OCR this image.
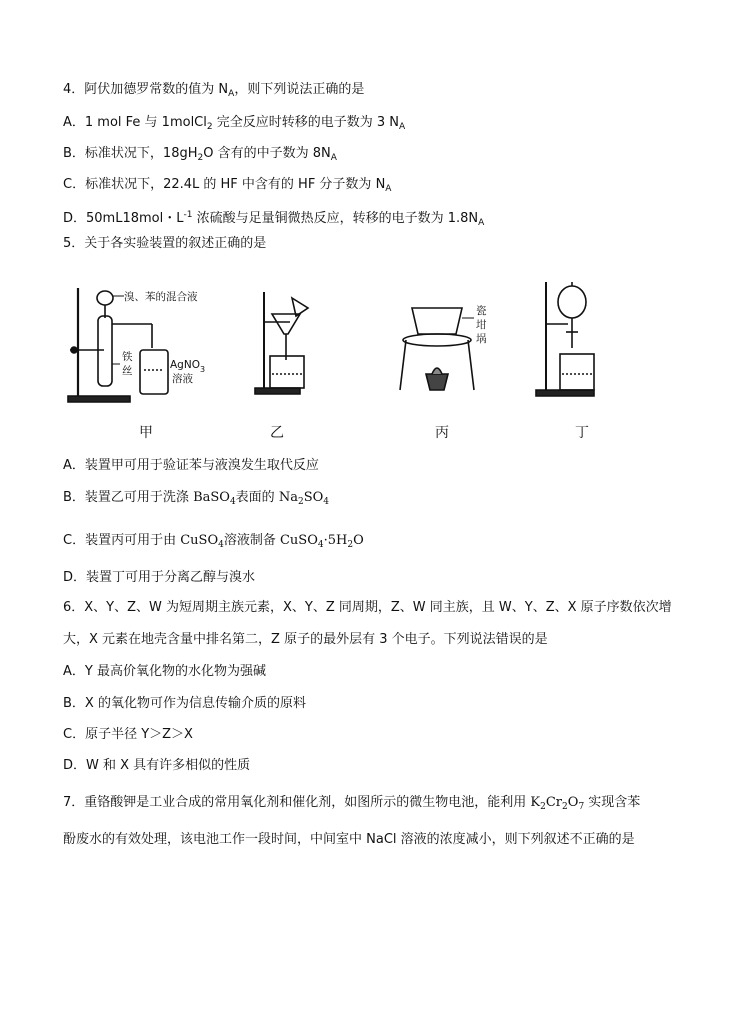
4．阿伏加德罗常数的值为 $N_A$，则下列说法正确的是
A．1 mol Fe 与 1molCl$_2$ 完全反应时转移的电子数为 3 $N_A$
B．标准状况下，$18gH_2O$ 含有的中子数为 $8N_A$
C．标准状况下，22.4L 的 HF 中含有的 HF 分子数为 $N_A$
D．50mL18mol・$L^{-1}$ 浓硫酸与足量铜微热反应，转移的电子数为 $1.8N_A$
5．关于各实验装置的叙述正确的是
溴、苯的混合液
铁
丝	AgNO 3
溶液
瓷
坩
埚
甲	乙	丙	丁
A．装置甲可用于验证苯与液溴发生取代反应
B．装置乙可用于洗涤 BaSO$_4$表面的 $Na_2SO_4$
C．装置丙可用于由 CuSO$_4$溶液制备 $CuSO_4\cdot 5H_2O$
D．装置丁可用于分离乙醇与溴水
6．X、Y、Z、W 为短周期主族元素，X、Y、Z 同周期，Z、W 同主族，且 W、Y、Z、X 原子序数依次增
大，X 元素在地壳含量中排名第二，Z 原子的最外层有 3 个电子。下列说法错误的是
A．Y 最高价氧化物的水化物为强碱
B．X 的氧化物可作为信息传输介质的原料
C．原子半径 Y＞Z＞X
D．W 和 X 具有许多相似的性质
7．重铬酸钾是工业合成的常用氧化剂和催化剂，如图所示的微生物电池，能利用 $K_2Cr_2O_7$ 实现含苯
酚废水的有效处理，该电池工作一段时间，中间室中 NaCl 溶液的浓度减小，则下列叙述不正确的是
